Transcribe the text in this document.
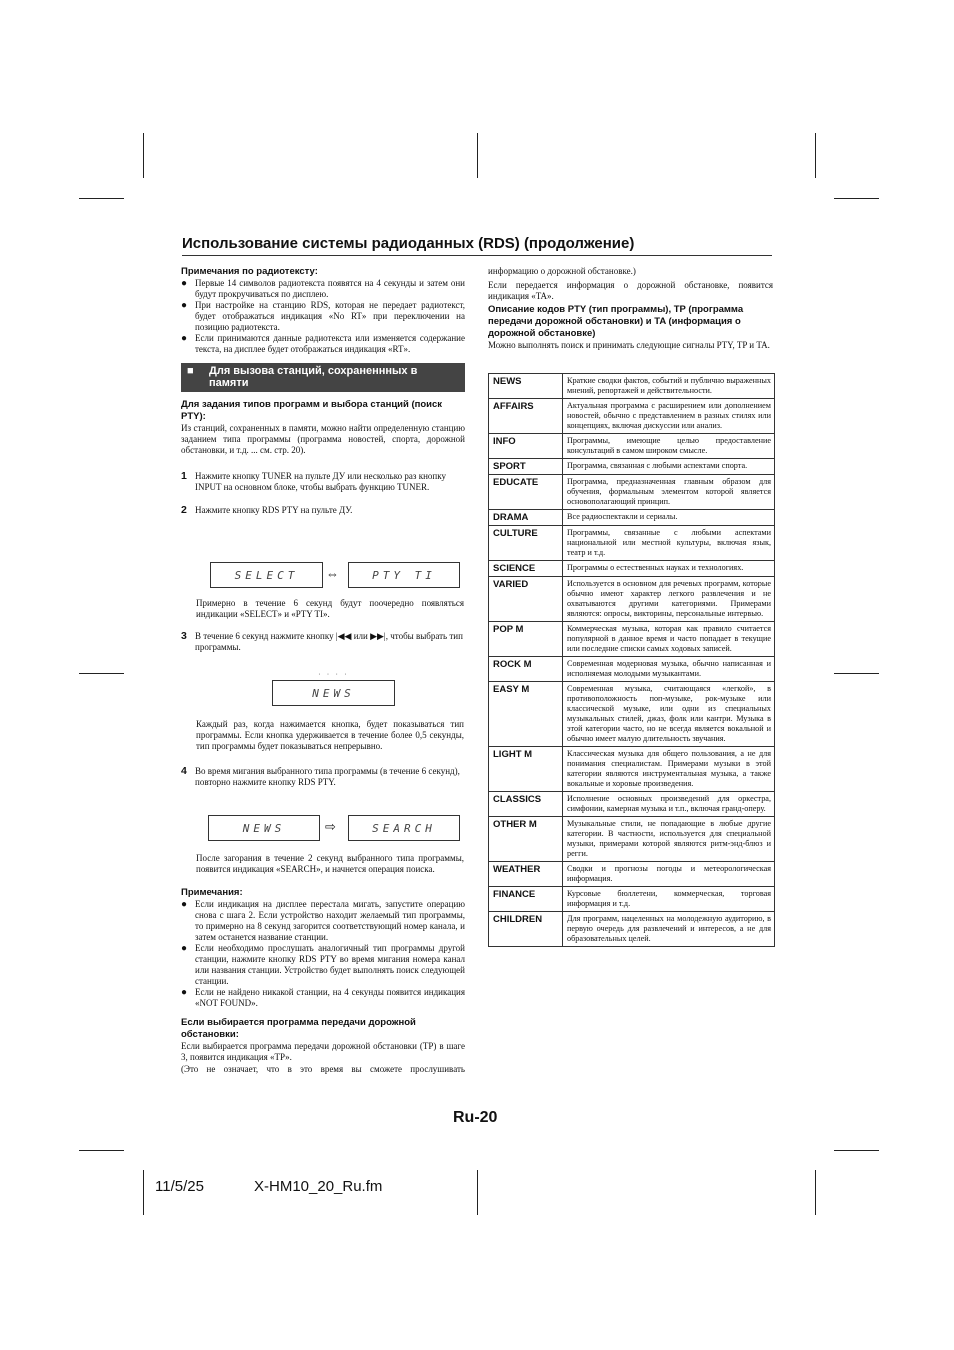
Использование системы радиоданных (RDS) (продолжение)
Примечания по радиотексту:
● Первые 14 символов радиотекста появятся на 4 секунды и затем они будут прокручиваться по дисплею.
● При настройке на станцию RDS, которая не передает радиотекст, будет отображаться индикация «No RT» при переключении на позицию радиотекста.
● Если принимаются данные радиотекста или изменяется содержание текста, на дисплее будет отображаться индикация «RT».
■	Для вызова станций, сохраненнных в памяти
Для задания типов программ и выбора станций (поиск PTY):
Из станций, сохраненных в памяти, можно найти определенную станцию заданием типа программы (программа новостей, спорта, дорожной обстановки, и т.д. ... см. стр. 20).
1 Нажмите кнопку TUNER на пульте ДУ или несколько раз кнопку INPUT на основном блоке, чтобы выбрать функцию TUNER.
2 Нажмите кнопку RDS PTY на пульте ДУ.
SELECT	⇔	PTY TI
Примерно в течение 6 секунд будут поочередно появляться индикации «SELECT» и «PTY TI».
3 В течение 6 секунд нажмите кнопку |◀◀ или ▶▶|, чтобы выбрать тип программы.
NEWS
˙ ˙ ˙ ˙
Каждый раз, когда нажимается кнопка, будет показываться тип программы. Если кнопка удерживается в течение более 0,5 секунды, тип программы будет показываться непрерывно.
4 Во время мигания выбранного типа программы (в течение 6 секунд), повторно нажмите кнопку RDS PTY.
NEWS	⇨	SEARCH
После загорания в течение 2 секунд выбранного типа программы, появится индикация «SEARCH», и начнется операция поиска.
Примечания:
● Если индикация на дисплее перестала мигать, запустите операцию снова с шага 2. Если устройство находит желаемый тип программы, то примерно на 8 секунд загорится соответствующий номер канала, и затем останется название станции.
● Если необходимо прослушать аналогичный тип программы другой станции, нажмите кнопку RDS PTY во время мигания номера канал или названия станции. Устройство будет выполнять поиск следующей станции.
● Если не найдено никакой станции, на 4 секунды появится индикация «NOT FOUND».
Если выбирается программа передачи дорожной обстановки:
Если выбирается программа передачи дорожной обстановки (TP) в шаге 3, появится индикация «TP».
(Это не означает, что в это время вы сможете прослушивать
информацию о дорожной обстановке.)
Если передается информация о дорожной обстановке, появится индикация «TA».
Описание кодов PTY (тип программы), TP (программа передачи дорожной обстановки) и TA (информация о дорожной обстановке)
Можно выполнять поиск и принимать следующие сигналы PTY, TP и TA.
NEWS	Краткие сводки фактов, событий и публично выраженных мнений, репортажей и действительности.
AFFAIRS	Актуальная программа с расширением или дополнением новостей, обычно с представлением в разных стилях или концепциях, включая дискуссии или анализ.
INFO	Программы, имеющие целью предоставление консультаций в самом широком смысле.
SPORT	Программа, связанная с любыми аспектами спорта.
EDUCATE	Программа, предназначенная главным образом для обучения, формальным элементом которой является основополагающий принцип.
DRAMA	Все радиоспектакли и сериалы.
CULTURE	Программы, связанные с любыми аспектами национальной или местной культуры, включая язык, театр и т.д.
SCIENCE	Программы о естественных науках и технологиях.
VARIED	Используется в основном для речевых программ, которые обычно имеют характер легкого развлечения и не охватываются другими категориями. Примерами являются: опросы, викторины, персональные интервью.
POP M	Коммерческая музыка, которая как правило считается популярной в данное время и часто попадает в текущие или последние списки самых ходовых записей.
ROCK M	Современная модерновая музыка, обычно написанная и исполняемая молодыми музыкантами.
EASY M	Современная музыка, считающаяся «легкой», в противоположность поп-музыке, рок-музыке или классической музыке, или одни из специальных музыкальных стилей, джаз, фолк или кантри. Музыка в этой категории часто, но не всегда является вокальной и обычно имеет малую длительность звучания.
LIGHT M	Классическая музыка для общего пользования, а не для понимания специалистам. Примерами музыки в этой категории являются инструментальная музыка, а также вокальные и хоровые произведения.
CLASSICS	Исполнение основных произведений для оркестра, симфонии, камерная музыка и т.п., включая гранд-оперу.
OTHER M	Музыкальные стили, не попадающие в любые другие категории. В частности, используется для специальной музыки, примерами которой являются ритм-энд-блюз и регги.
WEATHER	Сводки и прогнозы погоды и метеорологическая информация.
FINANCE	Курсовые бюллетени, коммерческая, торговая информация и т.д.
CHILDREN	Для программ, нацеленных на молодежную аудиторию, в первую очередь для развлечений и интересов, а не для образовательных целей.
Ru-20
11/5/25	X-HM10_20_Ru.fm
